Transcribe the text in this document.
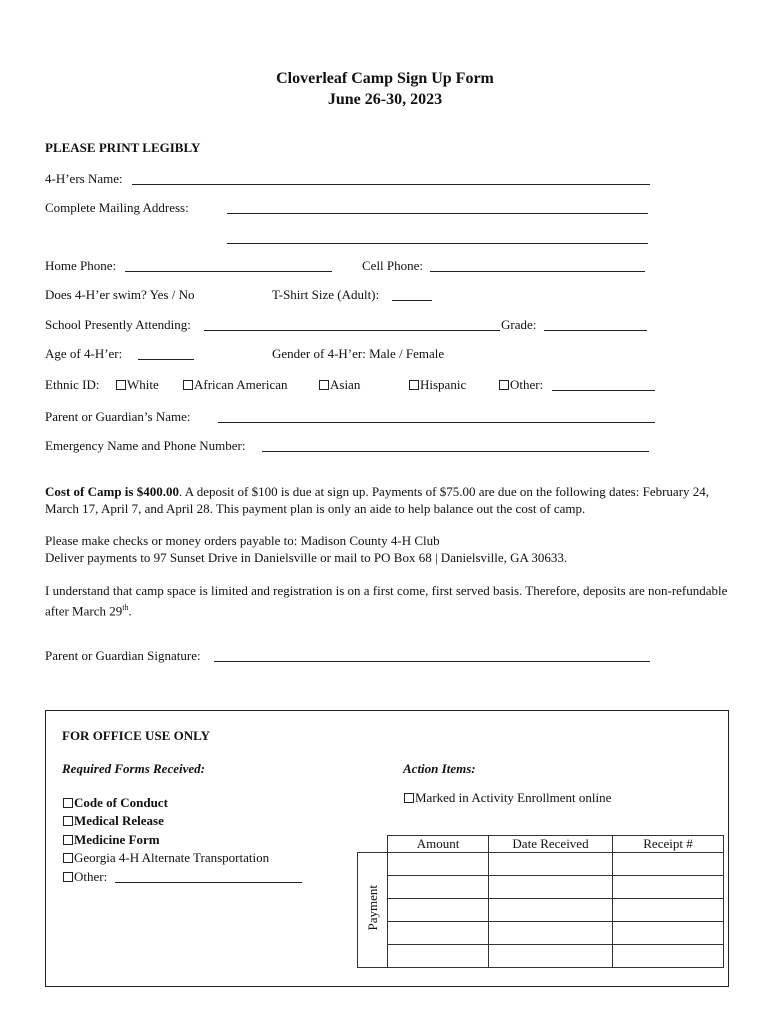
Cloverleaf Camp Sign Up Form
June 26-30, 2023
PLEASE PRINT LEGIBLY
4-H’ers Name:
Complete Mailing Address:
Home Phone:	Cell Phone:
Does 4-H’er swim? Yes / No	T-Shirt Size (Adult):
School Presently Attending:	Grade:
Age of 4-H’er:	Gender of 4-H’er: Male / Female
Ethnic ID:	White	African American	Asian	Hispanic	Other:
Parent or Guardian’s Name:
Emergency Name and Phone Number:
Cost of Camp is $400.00. A deposit of $100 is due at sign up. Payments of $75.00 are due on the following dates: February 24, March 17, April 7, and April 28. This payment plan is only an aide to help balance out the cost of camp.
Please make checks or money orders payable to: Madison County 4-H Club
Deliver payments to 97 Sunset Drive in Danielsville or mail to PO Box 68 | Danielsville, GA 30633.
I understand that camp space is limited and registration is on a first come, first served basis. Therefore, deposits are non-refundable after March 29th.
Parent or Guardian Signature:
FOR OFFICE USE ONLY
Required Forms Received:	Action Items:
Code of Conduct
Medical Release
Medicine Form
Georgia 4-H Alternate Transportation
Other:
Marked in Activity Enrollment online
	Amount	Date Received	Receipt #
Payment			
